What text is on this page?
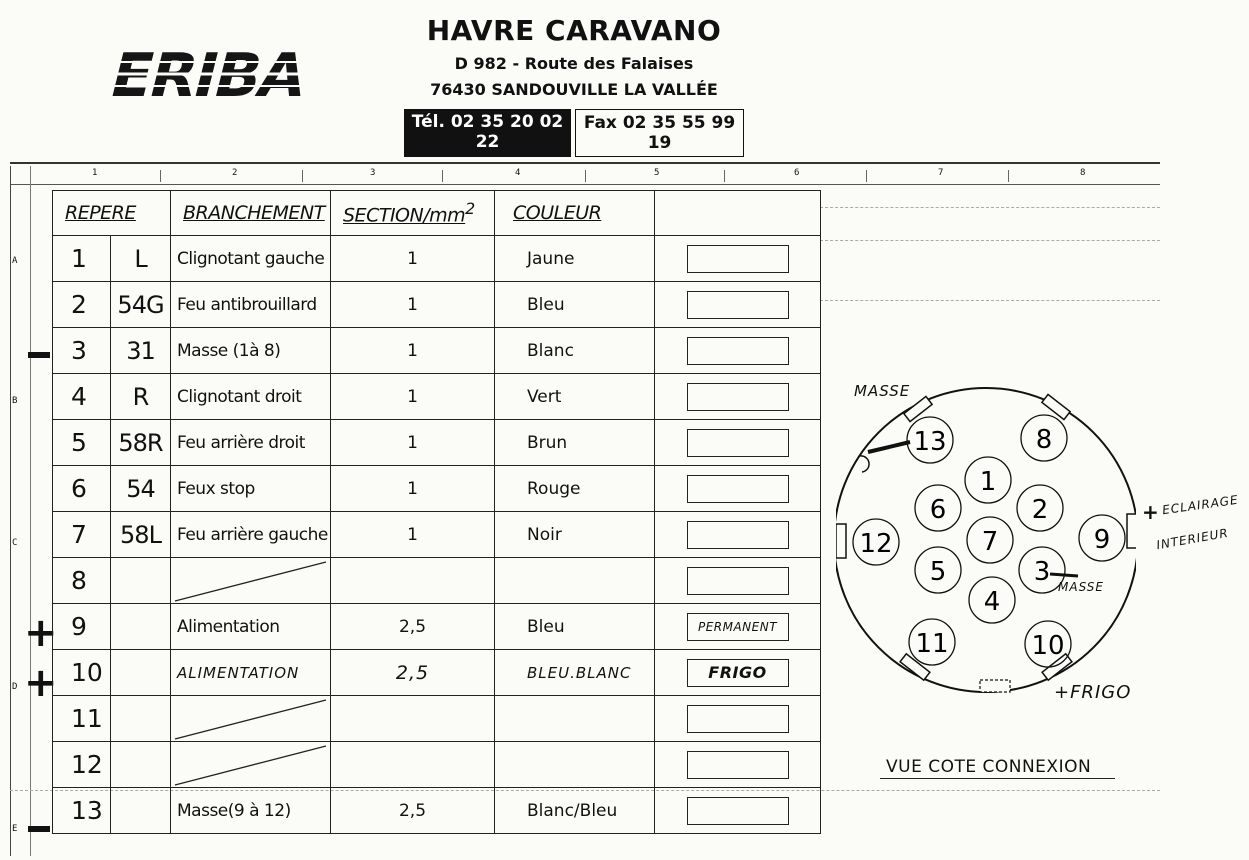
ERIBA
HAVRE CARAVANO
D 982 - Route des Falaises
76430 SANDOUVILLE LA VALLÉE
Tél. 02 35 20 02 22
Fax 02 35 55 99 19
1	2	3	4	5	6	7	8
A
B
C
D
E
+
+
REPERE		BRANCHEMENT	SECTION/$mm^2$	COULEUR	
1	L	Clignotant gauche	1	Jaune	

2	54G	Feu antibrouillard	1	Bleu	

3	31	Masse (1à 8)	1	Blanc	

4	R	Clignotant droit	1	Vert	

5	58R	Feu arrière droit	1	Brun	

6	54	Feux stop	1	Rouge	

7	58L	Feu arrière gauche	1	Noir	

8		

9		Alimentation	2,5	Bleu	PERMANENT

10		ALIMENTATION	2,5	BLEU.BLANC	FRIGO

11		

12		

13		Masse(9 à 12)	2,5	Blanc/Bleu	
13	8
1
6	2
12	7	9
5	3
4
11	10
MASSE
+ ECLAIRAGE
INTERIEUR
MASSE
+FRIGO
VUE COTE CONNEXION
